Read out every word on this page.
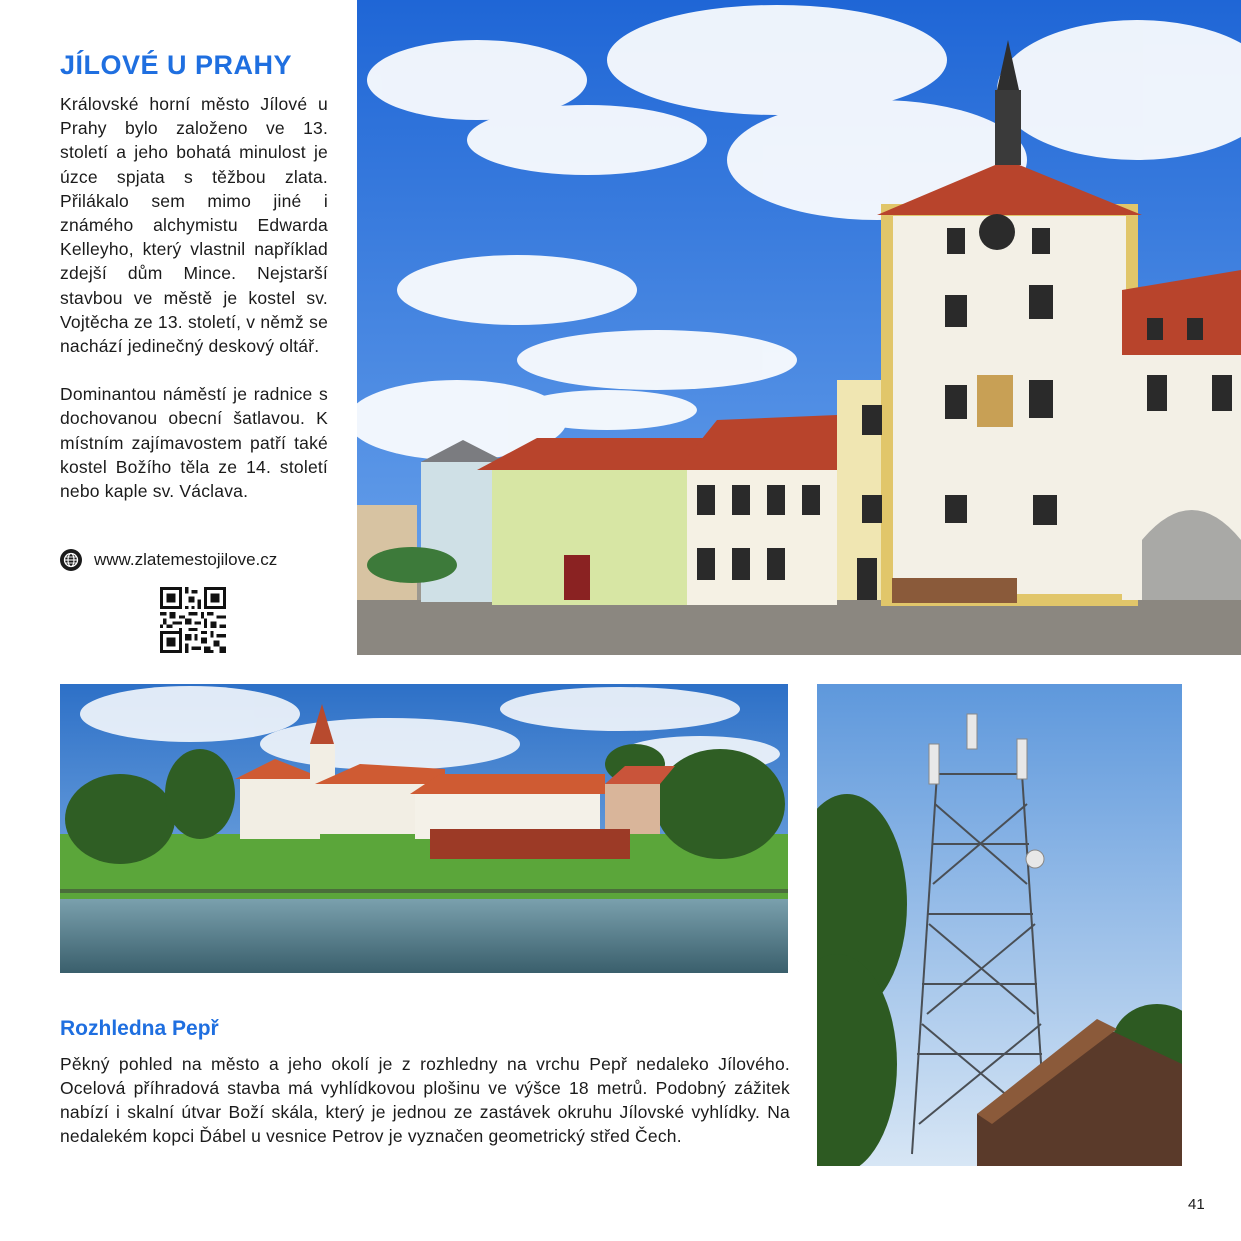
JÍLOVÉ U PRAHY

Královské horní město Jílové u Prahy bylo založeno ve 13. století a jeho bohatá minulost je úzce spjata s těžbou zlata. Přilákalo sem mimo jiné i známého alchymistu Edwarda Kelleyho, který vlastnil například zdejší dům Mince. Nejstarší stavbou ve městě je kostel sv. Vojtěcha ze 13. století, v němž se nachází jedinečný deskový oltář.

Dominantou náměstí je radnice s dochovanou obecní šatlavou. K místním zajímavostem patří také kostel Božího těla ze 14. století nebo kaple sv. Václava.

www.zlatemestojilove.cz
Rozhledna Pepř

Pěkný pohled na město a jeho okolí je z rozhledny na vrchu Pepř nedaleko Jílového. Ocelová příhradová stavba má vyhlídkovou plošinu ve výšce 18 metrů. Podobný zážitek nabízí i skalní útvar Boží skála, který je jednou ze zastávek okruhu Jílovské vyhlídky. Na nedalekém kopci Ďábel u vesnice Petrov je vyznačen geometrický střed Čech.

41
